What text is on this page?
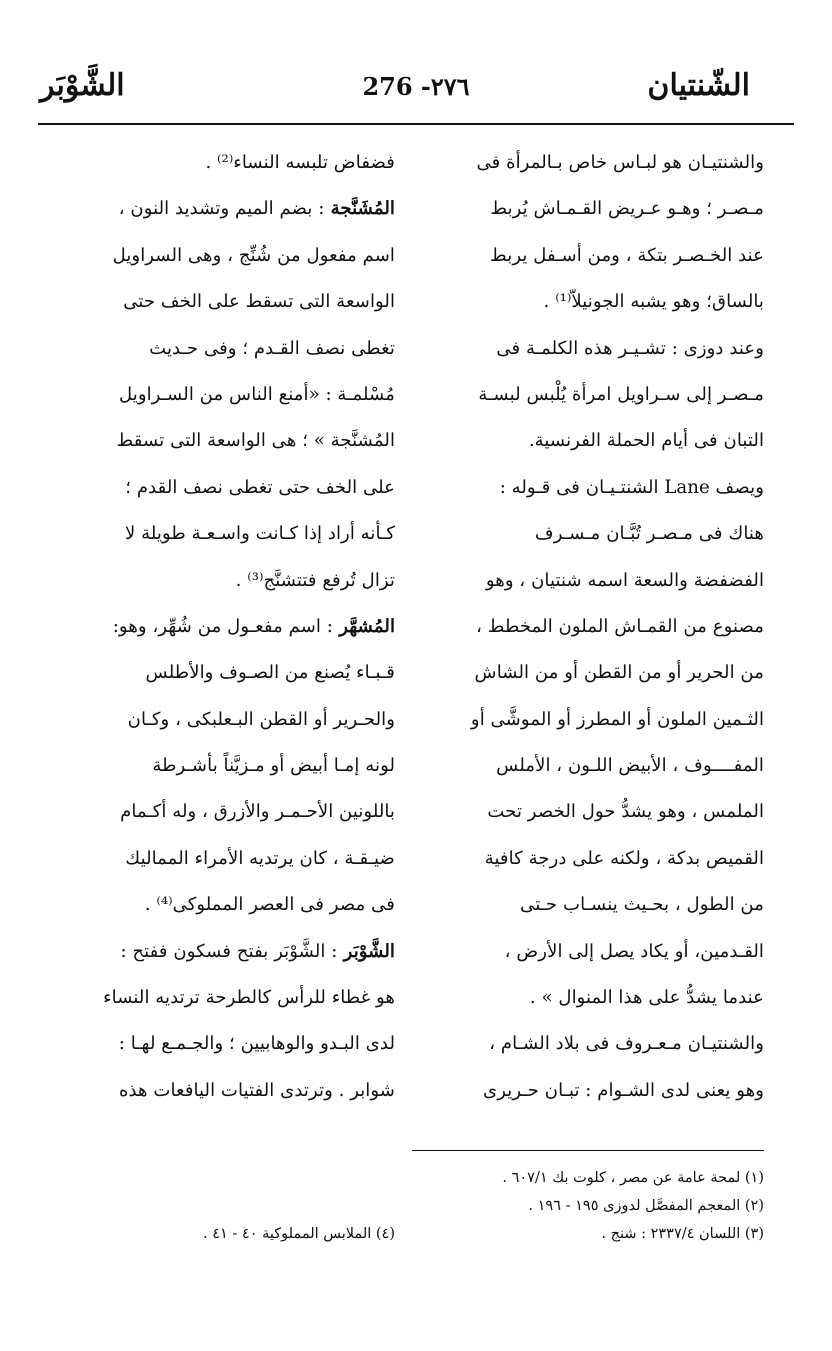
الشّنتيان
276 -٢٧٦
الشَّوْبَر
والشنتيـان هو لبـاس خاص بـالمرأة فى
مـصـر ؛ وهـو عـريض القـمـاش يُربط
عند الخـصـر بتكة ، ومن أسـفل يربط
بالساق؛ وهو يشبه الجونيلاّ⁽¹⁾ .
وعند دوزى : تشـيـر هذه الكلمـة فى
مـصـر إلى سـراويل امرأة يُلْبس لبسـة
التبان فى أيام الحملة الفرنسية.
ويصف Lane الشنتـيـان فى قـوله :
هناك فى مـصـر تُبَّـان مـسـرف
الفضفضة والسعة اسمه شنتيان ، وهو
مصنوع من القمـاش الملون المخطط ،
من الحرير أو من القطن أو من الشاش
الثـمين الملون أو المطرز أو الموشَّى أو
المفــــوف ، الأبيض اللـون ، الأملس
الملمس ، وهو يشدُّ حول الخصر تحت
القميص بدكة ، ولكنه على درجة كافية
من الطول ، بحـيث ينسـاب حـتى
القـدمين، أو يكاد يصل إلى الأرض ،
عندما يشدُّ على هذا المنوال » .
والشنتيـان مـعـروف فى بلاد الشـام ،
وهو يعنى لدى الشـوام : تبـان حـريرى
فضفاض تلبسه النساء⁽²⁾ .
المُشَنَّجة : بضم الميم وتشديد النون ،
اسم مفعول من شُنِّج ، وهى السراويل
الواسعة التى تسقط على الخف حتى
تغطى نصف القـدم ؛ وفى حـديث
مُسْلمـة : «أمنع الناس من السـراويل
المُشنَّجة » ؛ هى الواسعة التى تسقط
على الخف حتى تغطى نصف القدم ؛
كـأنه أراد إذا كـانت واسـعـة طويلة لا
تزال تُرفع فتتشنَّج⁽³⁾ .
المُشهَّر : اسم مفعـول من شُهِّر، وهو:
قـبـاء يُصنع من الصـوف والأطلس
والحـرير أو القطن البـعلبكى ، وكـان
لونه إمـا أبيض أو مـزيَّناً بأشـرطة
باللونين الأحـمـر والأزرق ، وله أكـمام
ضيـقـة ، كان يرتديه الأمراء المماليك
فى مصر فى العصر المملوكى⁽⁴⁾ .
الشَّوْبَر : الشَّوْبَر بفتح فسكون ففتح :
هو غطاء للرأس كالطرحة ترتديه النساء
لدى البـدو والوهابيين ؛ والجـمـع لهـا :
شوابر . وترتدى الفتيات اليافعات هذه
(١) لمحة عامة عن مصر ، كلوت بك ٦٠٧/١ .
(٢) المعجم المفصَّل لدوزى ١٩٥ - ١٩٦ .
(٣) اللسان ٢٣٣٧/٤ : شنج .
(٤) الملابس المملوكية ٤٠ - ٤١ .
